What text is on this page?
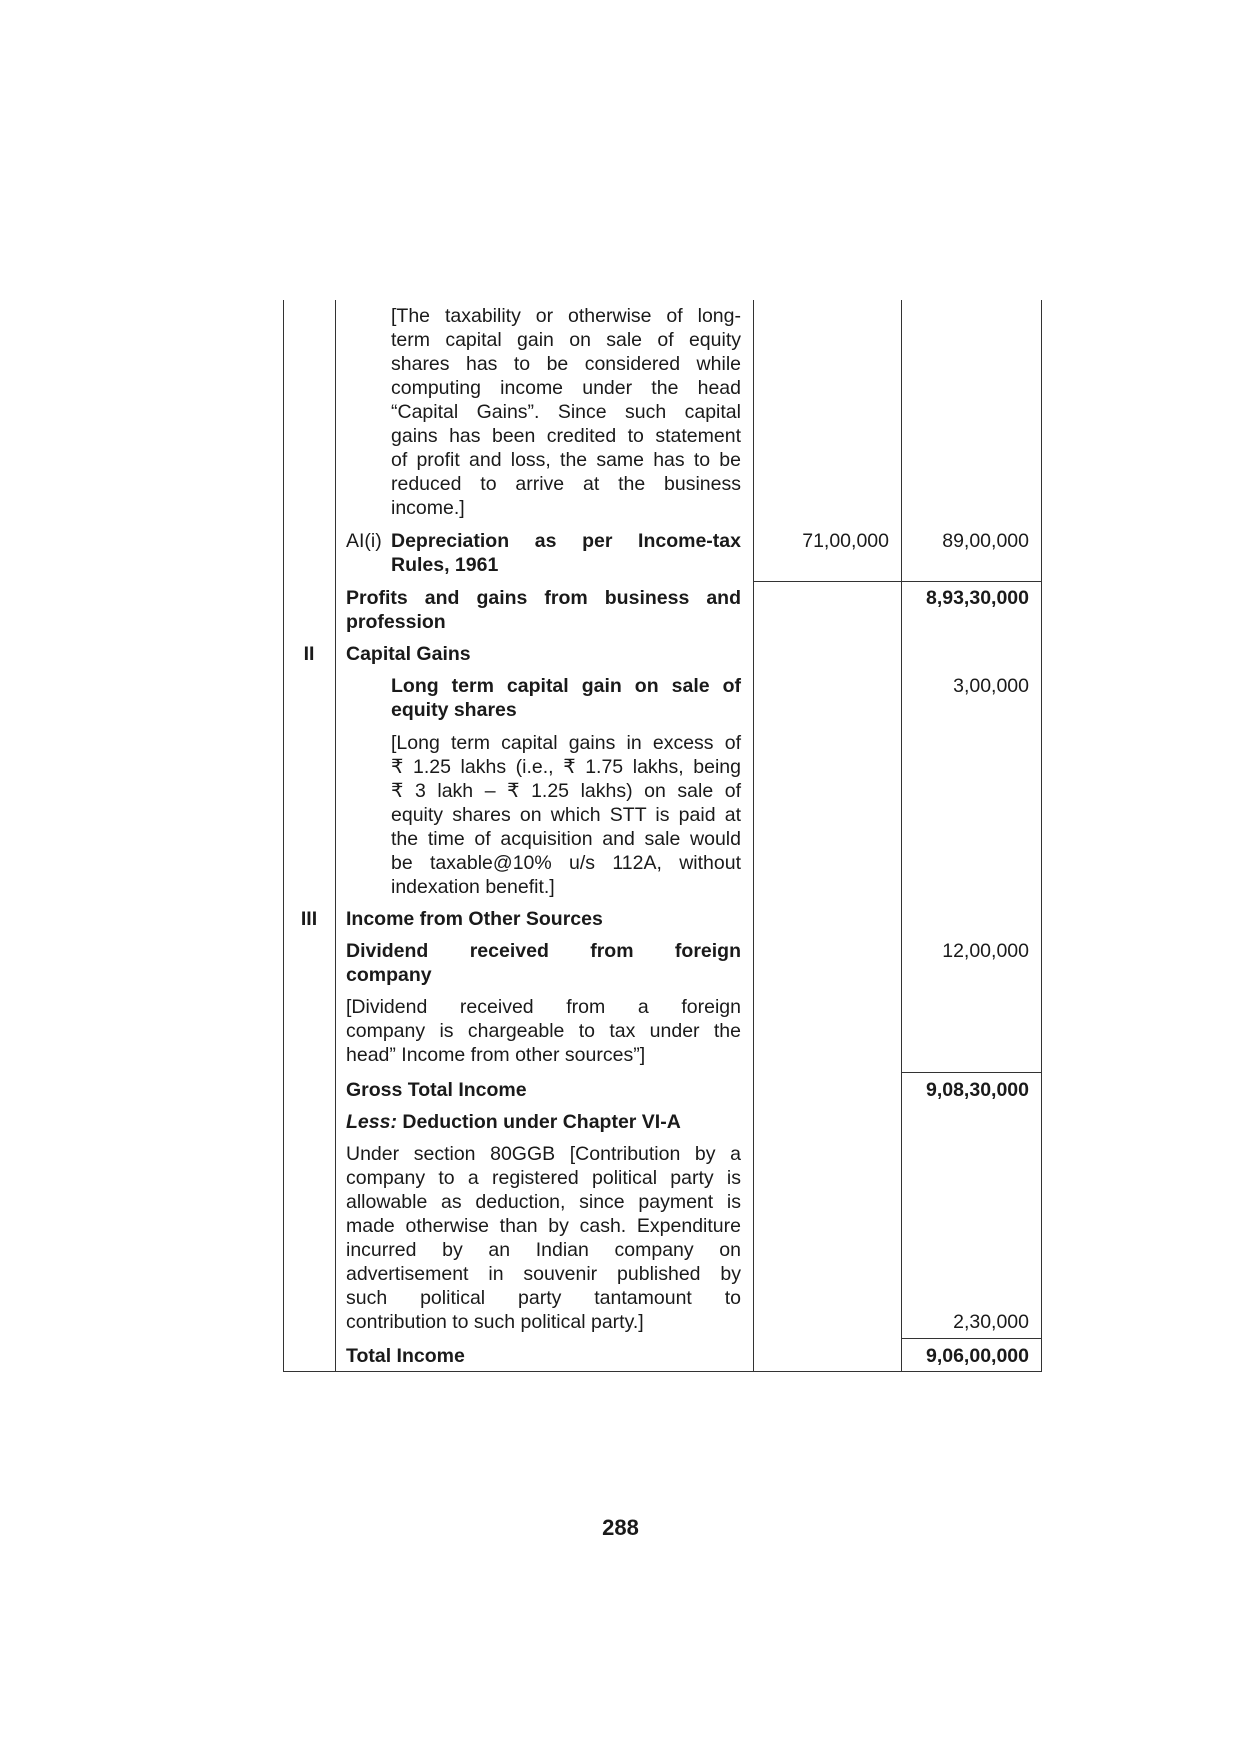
[The taxability or otherwise of long-
term capital gain on sale of equity
shares has to be considered while
computing income under the head
“Capital Gains”. Since such capital
gains has been credited to statement
of profit and loss, the same has to be
reduced to arrive at the business
income.]
AI(i) Depreciation as per Income-tax
Rules, 1961
71,00,000	89,00,000
Profits and gains from business and
profession
8,93,30,000
II	Capital Gains
Long term capital gain on sale of
equity shares
3,00,000
[Long term capital gains in excess of
₹ 1.25 lakhs (i.e., ₹ 1.75 lakhs, being
₹ 3 lakh – ₹ 1.25 lakhs) on sale of
equity shares on which STT is paid at
the time of acquisition and sale would
be taxable@10% u/s 112A, without
indexation benefit.]
III	Income from Other Sources
Dividend received from foreign
company
12,00,000
[Dividend received from a foreign
company is chargeable to tax under the
head” Income from other sources”]
Gross Total Income	9,08,30,000
Less: Deduction under Chapter VI-A
Under section 80GGB [Contribution by a
company to a registered political party is
allowable as deduction, since payment is
made otherwise than by cash. Expenditure
incurred by an Indian company on
advertisement in souvenir published by
such political party tantamount to
contribution to such political party.]	2,30,000
Total Income	9,06,00,000
288
